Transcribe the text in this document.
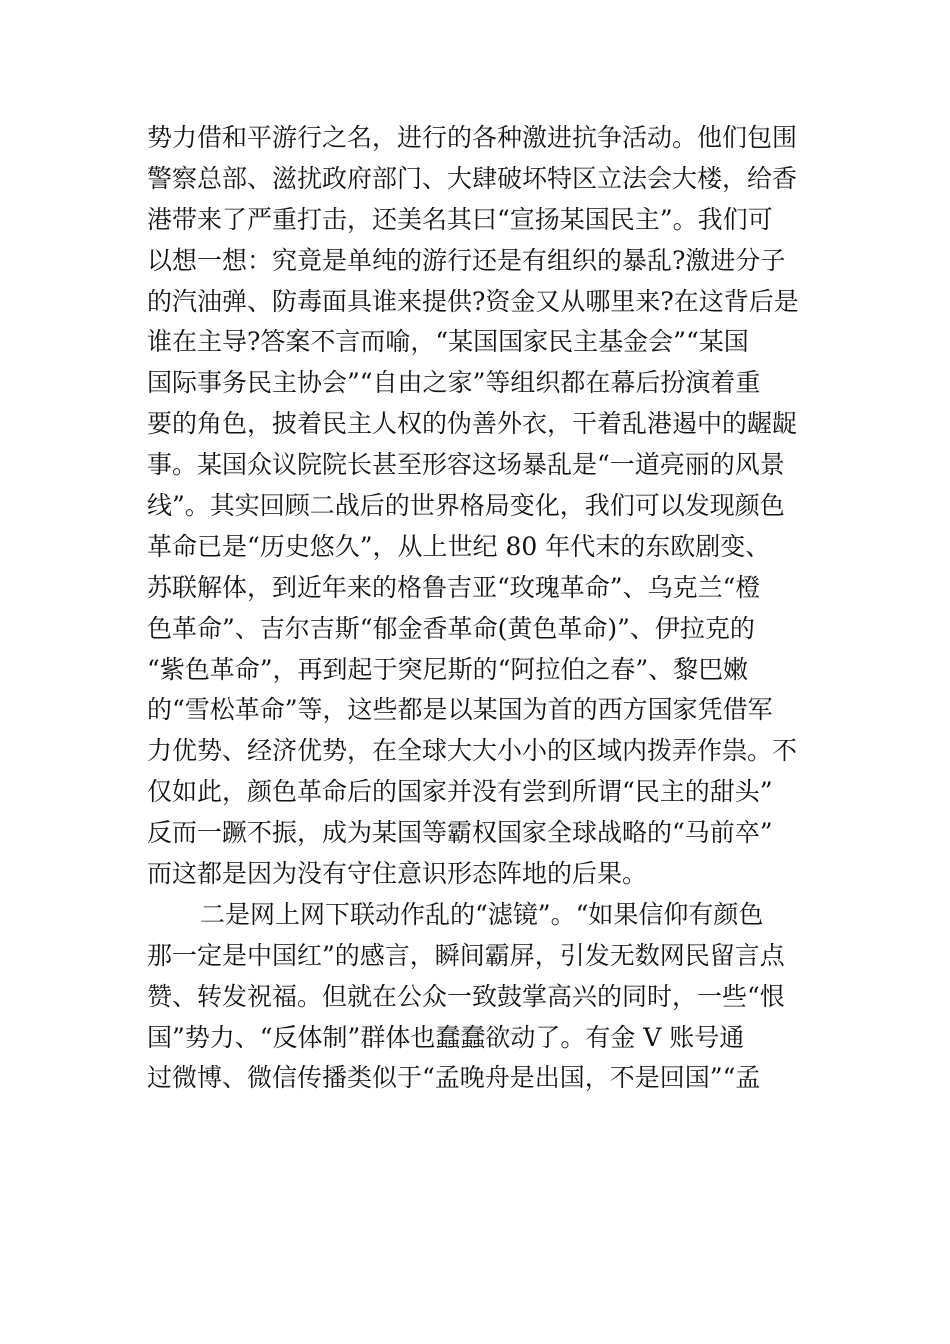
势力借和平游行之名，进行的各种激进抗争活动。他们包围
警察总部、滋扰政府部门、大肆破坏特区立法会大楼，给香
港带来了严重打击，还美名其曰“宣扬某国民主”。我们可
以想一想：究竟是单纯的游行还是有组织的暴乱?激进分子
的汽油弹、防毒面具谁来提供?资金又从哪里来?在这背后是
谁在主导?答案不言而喻，“某国国家民主基金会”“某国
国际事务民主协会”“自由之家”等组织都在幕后扮演着重
要的角色，披着民主人权的伪善外衣，干着乱港遏中的龌龊
事。某国众议院院长甚至形容这场暴乱是“一道亮丽的风景
线”。其实回顾二战后的世界格局变化，我们可以发现颜色
革命已是“历史悠久”，从上世纪 80 年代末的东欧剧变、
苏联解体，到近年来的格鲁吉亚“玫瑰革命”、乌克兰“橙
色革命”、吉尔吉斯“郁金香革命(黄色革命)”、伊拉克的
“紫色革命”，再到起于突尼斯的“阿拉伯之春”、黎巴嫩
的“雪松革命”等，这些都是以某国为首的西方国家凭借军
力优势、经济优势，在全球大大小小的区域内拨弄作祟。不
仅如此，颜色革命后的国家并没有尝到所谓“民主的甜头”
反而一蹶不振，成为某国等霸权国家全球战略的“马前卒”
而这都是因为没有守住意识形态阵地的后果。
二是网上网下联动作乱的“滤镜”。“如果信仰有颜色
那一定是中国红”的感言，瞬间霸屏，引发无数网民留言点
赞、转发祝福。但就在公众一致鼓掌高兴的同时，一些“恨
国”势力、“反体制”群体也蠢蠢欲动了。有金 V 账号通
过微博、微信传播类似于“孟晚舟是出国，不是回国”“孟
